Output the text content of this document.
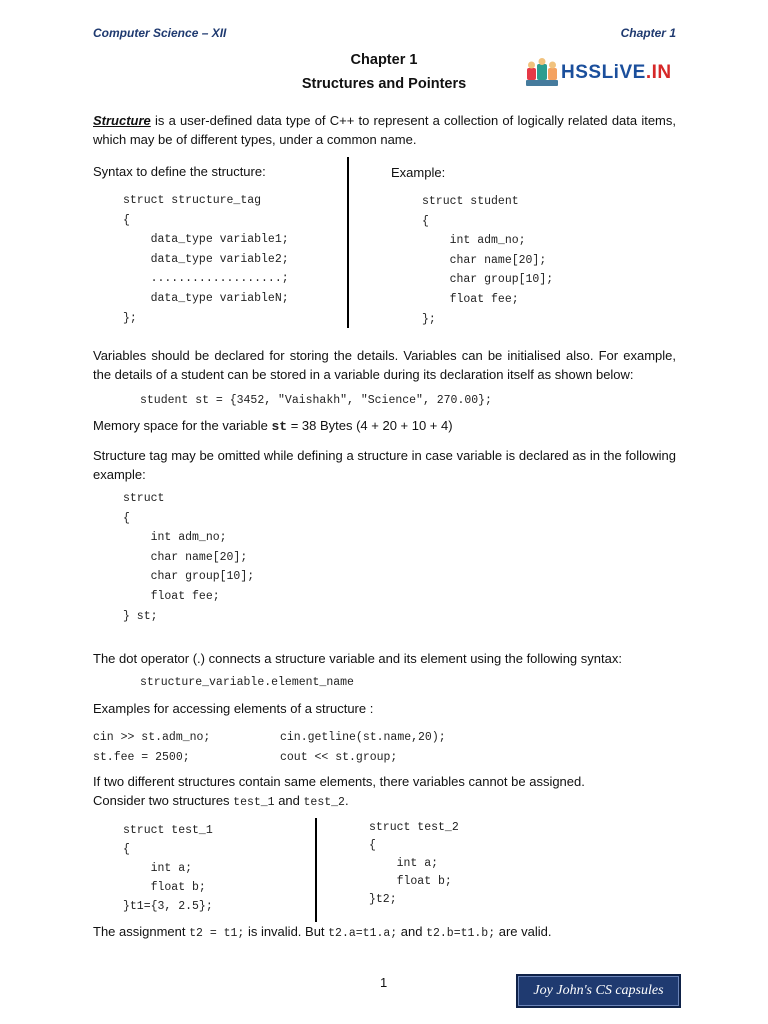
Computer Science – XII	Chapter 1
Chapter 1
Structures and Pointers
HSSLiVE.IN
Structure is a user-defined data type of C++ to represent a collection of logically related data items, which may be of different types, under a common name.
Syntax to define the structure:
struct structure_tag
{
data_type variable1;
data_type variable2;
...................;
data_type variableN;
};
Example:
struct student
{
int adm_no;
char name[20];
char group[10];
float fee;
};
Variables should be declared for storing the details. Variables can be initialised also. For example, the details of a student can be stored in a variable during its declaration itself as shown below:
student st = {3452, "Vaishakh", "Science", 270.00};
Memory space for the variable st = 38 Bytes (4 + 20 + 10 + 4)
Structure tag may be omitted while defining a structure in case variable is declared as in the following example:
struct
{
int adm_no;
char name[20];
char group[10];
float fee;
} st;
The dot operator (.) connects a structure variable and its element using the following syntax:
structure_variable.element_name
Examples for accessing elements of a structure :
cin >> st.adm_no;
st.fee = 2500;
cin.getline(st.name,20);
cout << st.group;
If two different structures contain same elements, there variables cannot be assigned.
Consider two structures test_1 and test_2.
struct test_1
{
int a;
float b;
}t1={3, 2.5};
struct test_2
{
int a;
float b;
}t2;
The assignment t2 = t1; is invalid. But t2.a=t1.a; and t2.b=t1.b; are valid.
1
Joy John's CS capsules
